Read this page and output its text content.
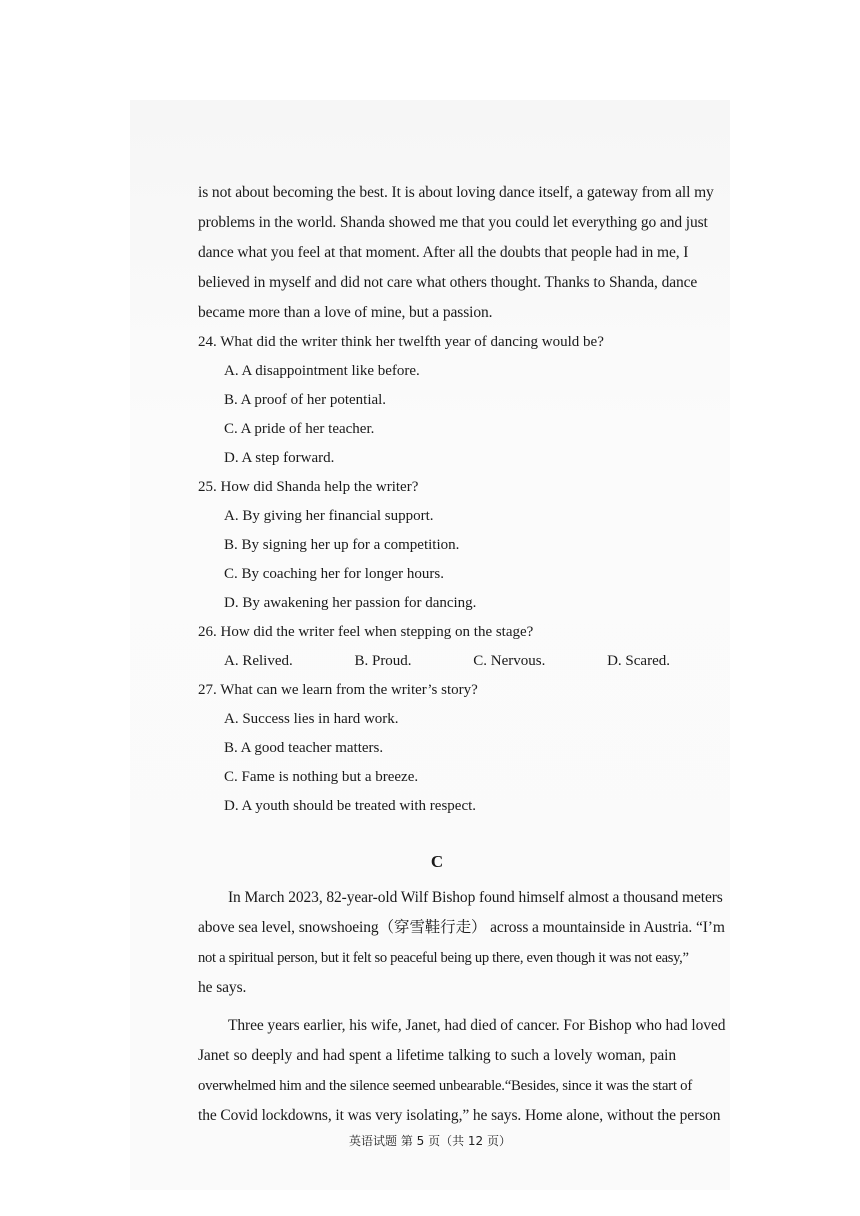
is not about becoming the best. It is about loving dance itself, a gateway from all my
problems in the world. Shanda showed me that you could let everything go and just
dance what you feel at that moment. After all the doubts that people had in me, I
believed in myself and did not care what others thought. Thanks to Shanda, dance
became more than a love of mine, but a passion.
24. What did the writer think her twelfth year of dancing would be?
A. A disappointment like before.
B. A proof of her potential.
C. A pride of her teacher.
D. A step forward.
25. How did Shanda help the writer?
A. By giving her financial support.
B. By signing her up for a competition.
C. By coaching her for longer hours.
D. By awakening her passion for dancing.
26. How did the writer feel when stepping on the stage?
A. Relived.	B. Proud.	C. Nervous.	D. Scared.
27. What can we learn from the writer’s story?
A. Success lies in hard work.
B. A good teacher matters.
C. Fame is nothing but a breeze.
D. A youth should be treated with respect.
C
In March 2023, 82-year-old Wilf Bishop found himself almost a thousand meters
above sea level, snowshoeing（穿雪鞋行走） across a mountainside in Austria. “I’m
not a spiritual person, but it felt so peaceful being up there, even though it was not easy,”
he says.
Three years earlier, his wife, Janet, had died of cancer. For Bishop who had loved
Janet so deeply and had spent a lifetime talking to such a lovely woman, pain
overwhelmed him and the silence seemed unbearable.“Besides, since it was the start of
the Covid lockdowns, it was very isolating,” he says. Home alone, without the person
英语试题 第 5 页（共 12 页）
